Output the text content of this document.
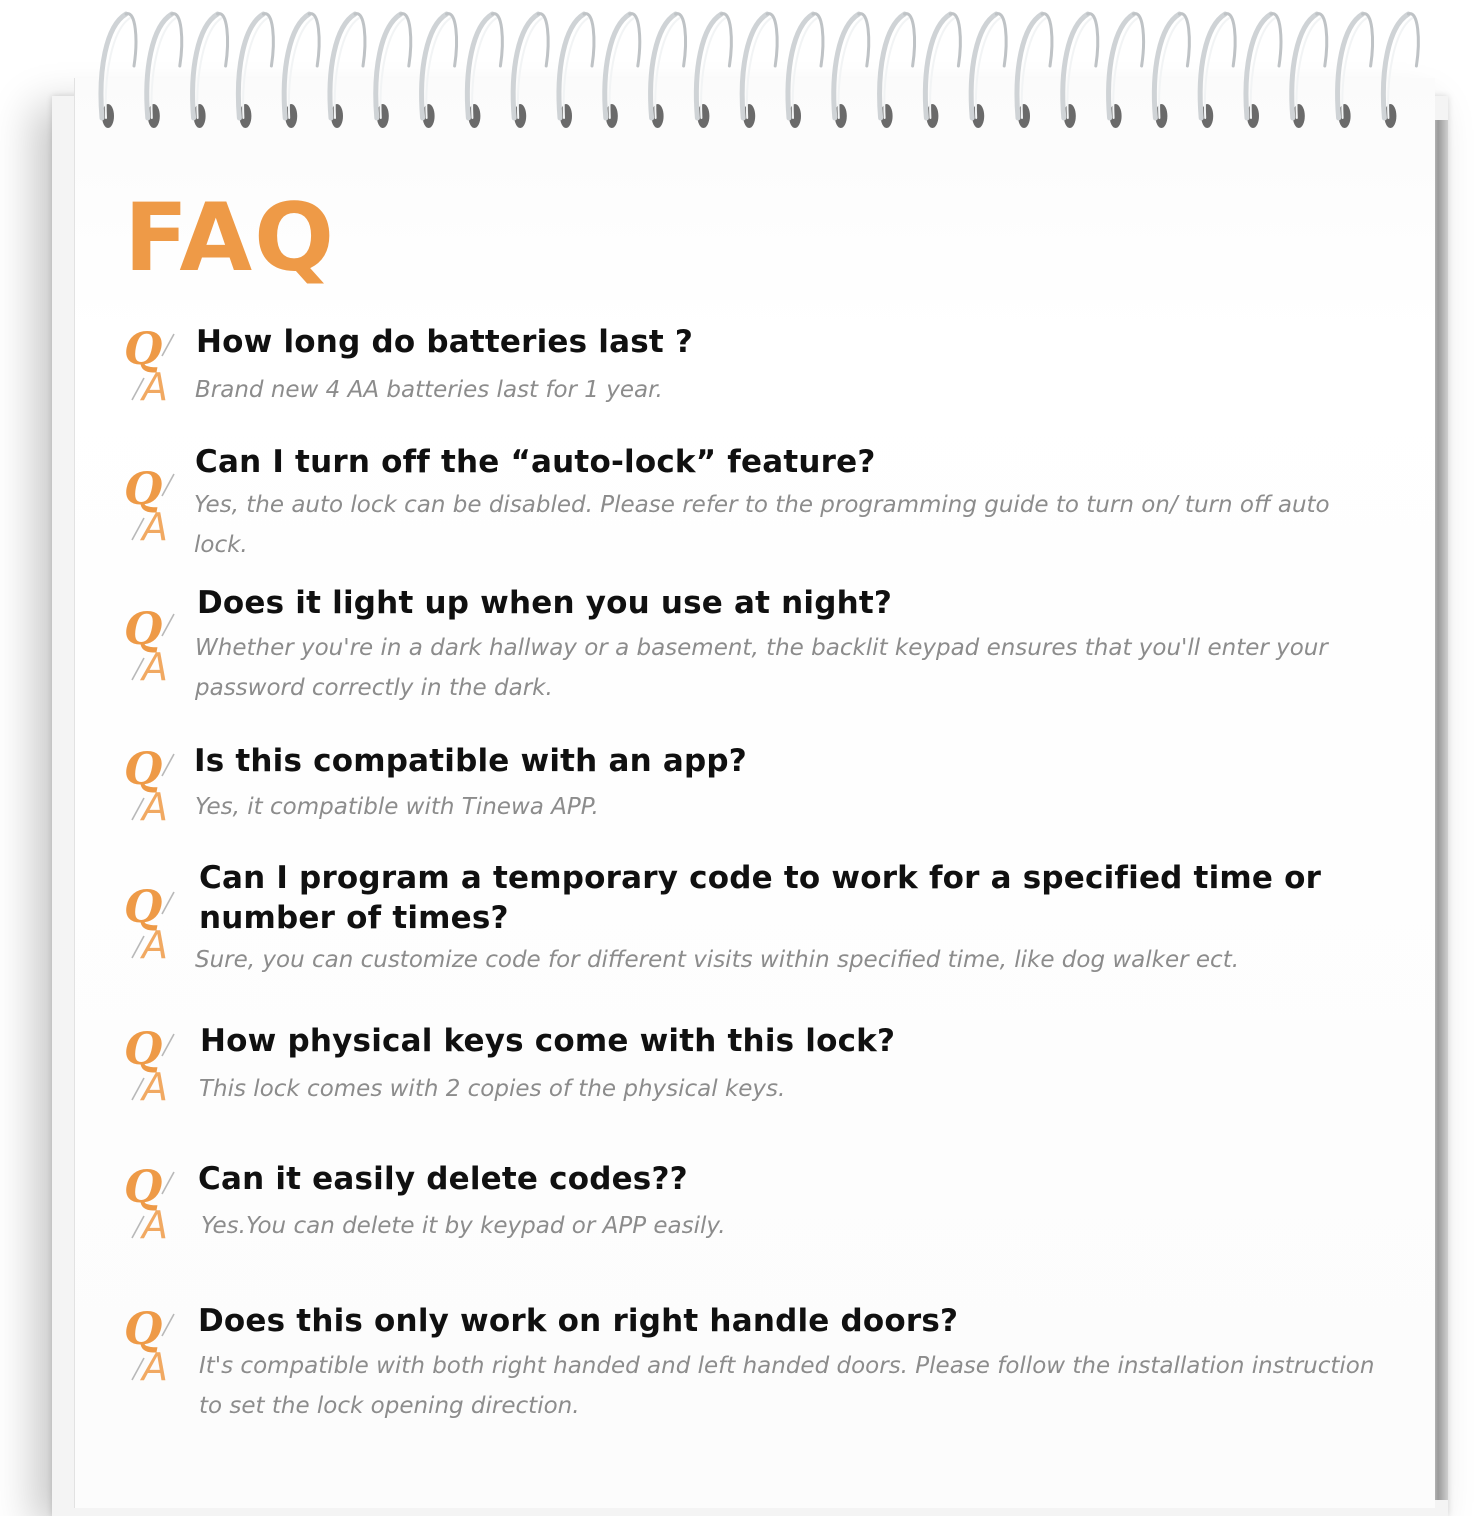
FAQ
Q
A

How long do batteries last ?

Brand new 4 AA batteries last for 1 year.

Q
A

Can I turn off the “auto-lock” feature?

Yes, the auto lock can be disabled. Please refer to the programming guide to turn on/ turn off auto lock.

Q
A

Does it light up when you use at night?

Whether you're in a dark hallway or a basement, the backlit keypad ensures that you'll enter your password correctly in the dark.

Q
A

Is this compatible with an app?

Yes, it compatible with Tinewa APP.

Q
A

Can I program a temporary code to work for a specified time or number of times?

Sure, you can customize code for different visits within specified time, like dog walker ect.

Q
A

How physical keys come with this lock?

This lock comes with 2 copies of the physical keys.

Q
A

Can it easily delete codes??

Yes.You can delete it by keypad or APP easily.

Q
A

Does this only work on right handle doors?

It's compatible with both right handed and left handed doors. Please follow the installation instruction to set the lock opening direction.
